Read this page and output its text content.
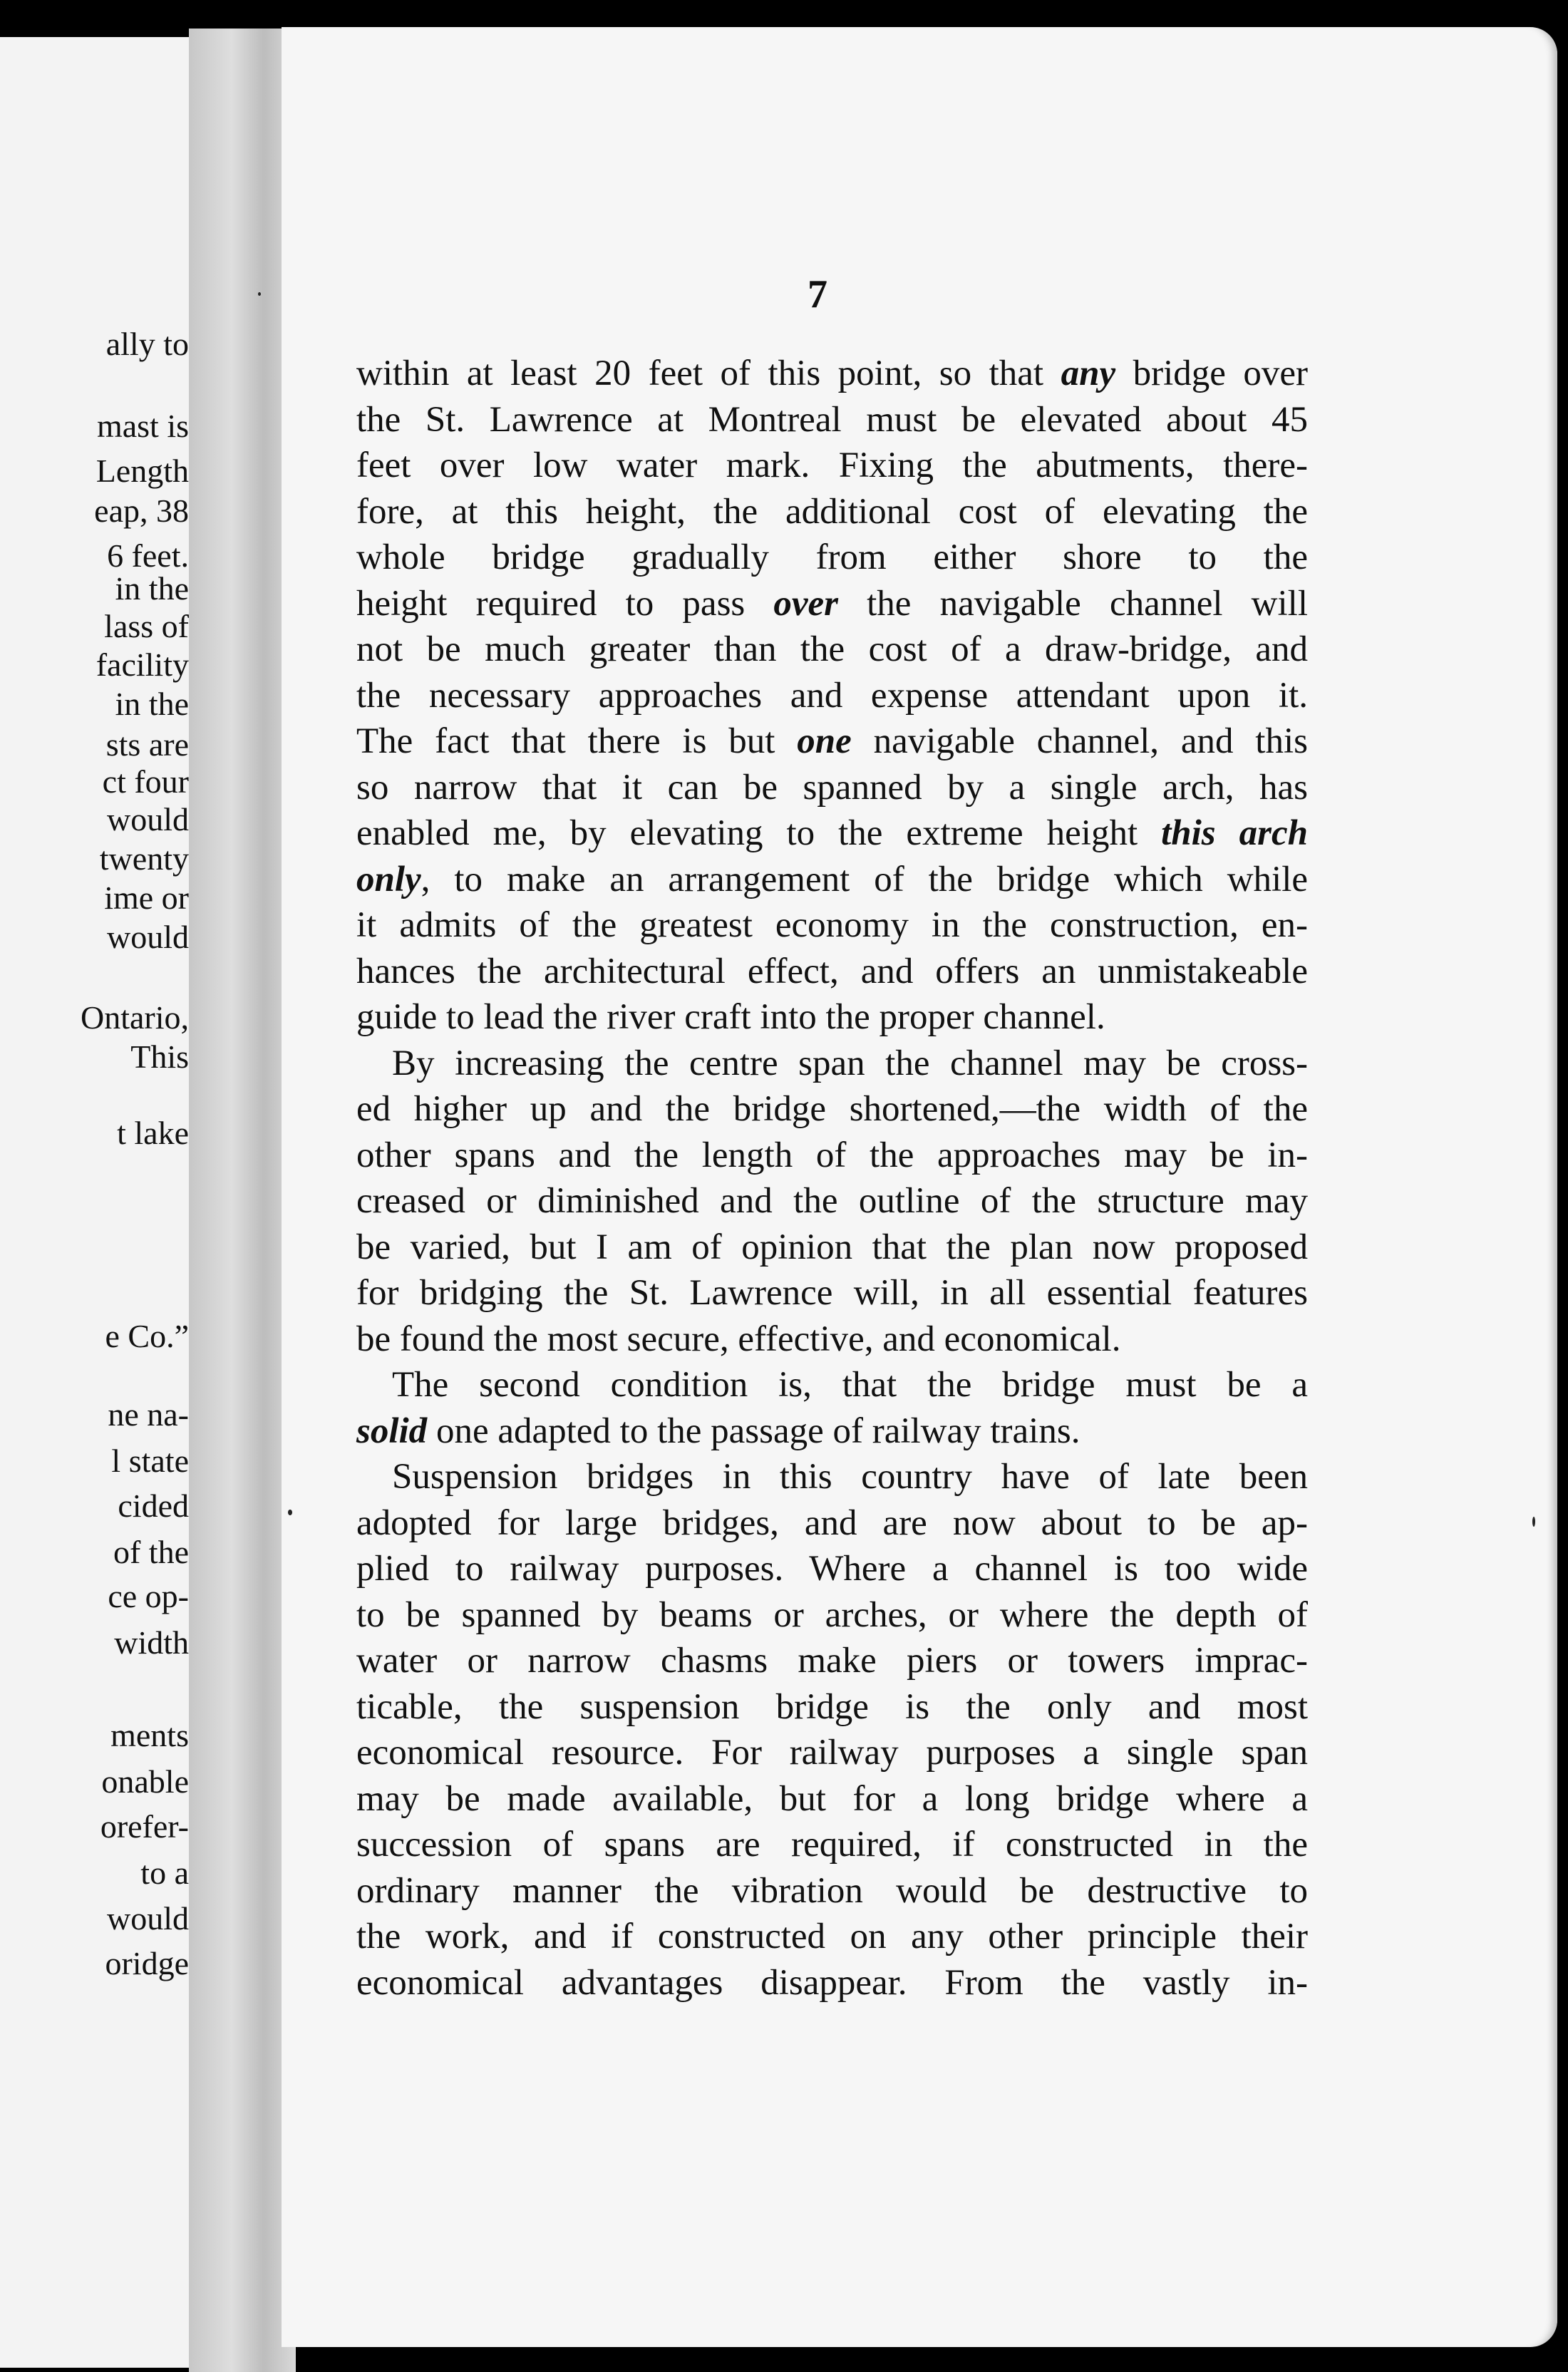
ally to
mast is
Length
eap, 38
6 feet.
in the
lass of
facility
in the
sts are
ct four
would
twenty
ime or
would
Ontario,
This
t lake
e Co.”
ne na-
l state
cided
of the
ce op-
width
ments
onable
orefer-
to a
would
oridge
7
within at least 20 feet of this point, so that any bridge over
the St. Lawrence at Montreal must be elevated about 45
feet over low water mark. Fixing the abutments, there-
fore, at this height, the additional cost of elevating the
whole bridge gradually from either shore to the
height required to pass over the navigable channel will
not be much greater than the cost of a draw-bridge, and
the necessary approaches and expense attendant upon it.
The fact that there is but one navigable channel, and this
so narrow that it can be spanned by a single arch, has
enabled me, by elevating to the extreme height this arch
only, to make an arrangement of the bridge which while
it admits of the greatest economy in the construction, en-
hances the architectural effect, and offers an unmistakeable
guide to lead the river craft into the proper channel.
By increasing the centre span the channel may be cross-
ed higher up and the bridge shortened,—the width of the
other spans and the length of the approaches may be in-
creased or diminished and the outline of the structure may
be varied, but I am of opinion that the plan now proposed
for bridging the St. Lawrence will, in all essential features
be found the most secure, effective, and economical.
The second condition is, that the bridge must be a
solid one adapted to the passage of railway trains.
Suspension bridges in this country have of late been
adopted for large bridges, and are now about to be ap-
plied to railway purposes. Where a channel is too wide
to be spanned by beams or arches, or where the depth of
water or narrow chasms make piers or towers imprac-
ticable, the suspension bridge is the only and most
economical resource. For railway purposes a single span
may be made available, but for a long bridge where a
succession of spans are required, if constructed in the
ordinary manner the vibration would be destructive to
the work, and if constructed on any other principle their
economical advantages disappear. From the vastly in-
